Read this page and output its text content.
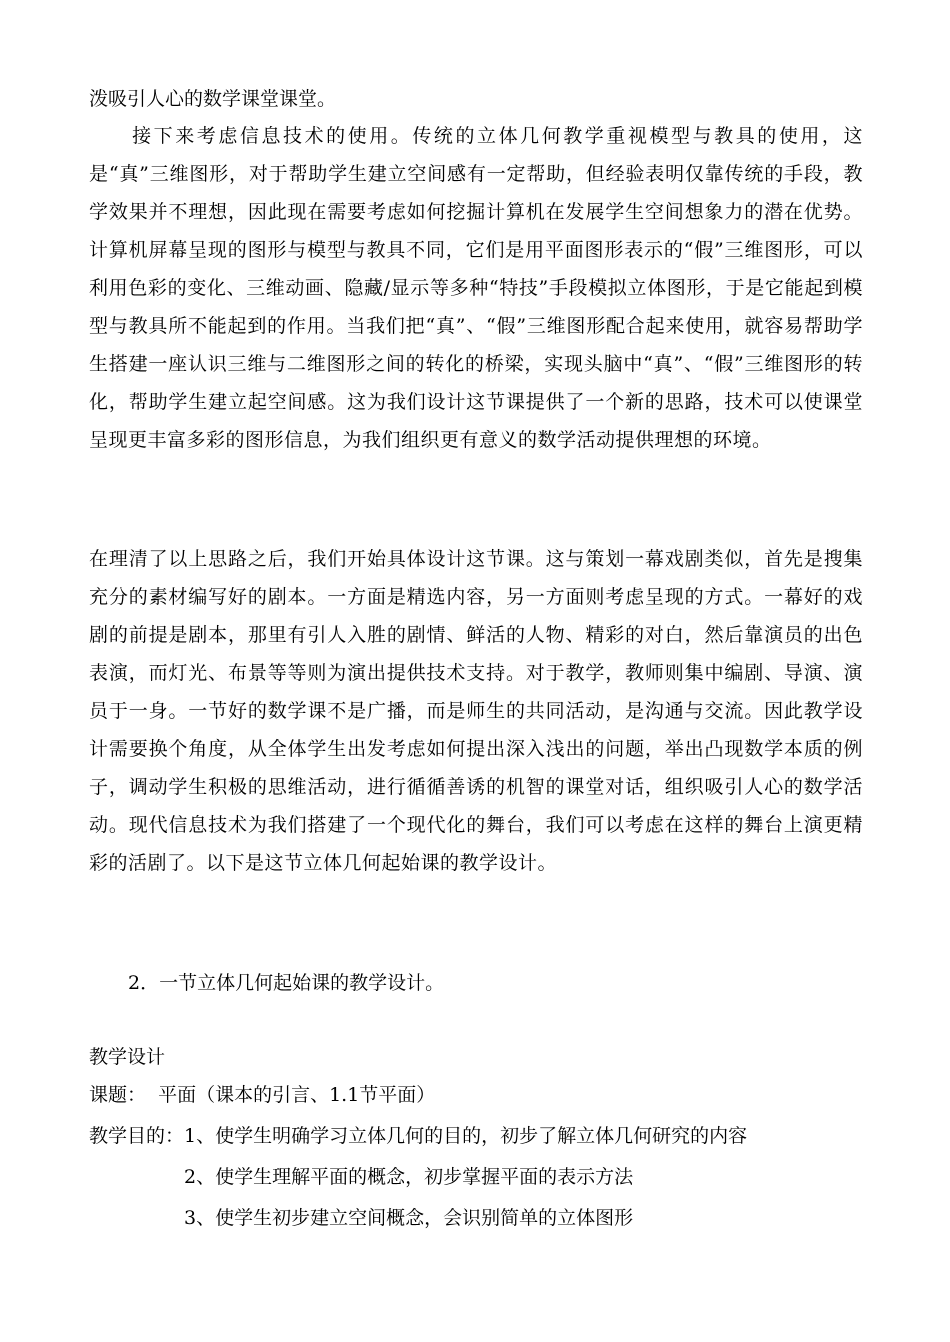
泼吸引人心的数学课堂课堂。

　　接下来考虑信息技术的使用。传统的立体几何教学重视模型与教具的使用，这是“真”三维图形，对于帮助学生建立空间感有一定帮助，但经验表明仅靠传统的手段，教学效果并不理想，因此现在需要考虑如何挖掘计算机在发展学生空间想象力的潜在优势。计算机屏幕呈现的图形与模型与教具不同，它们是用平面图形表示的“假”三维图形，可以利用色彩的变化、三维动画、隐藏/显示等多种“特技”手段模拟立体图形，于是它能起到模型与教具所不能起到的作用。当我们把“真”、“假”三维图形配合起来使用，就容易帮助学生搭建一座认识三维与二维图形之间的转化的桥梁，实现头脑中“真”、“假”三维图形的转化，帮助学生建立起空间感。这为我们设计这节课提供了一个新的思路，技术可以使课堂呈现更丰富多彩的图形信息，为我们组织更有意义的数学活动提供理想的环境。

在理清了以上思路之后，我们开始具体设计这节课。这与策划一幕戏剧类似，首先是搜集充分的素材编写好的剧本。一方面是精选内容，另一方面则考虑呈现的方式。一幕好的戏剧的前提是剧本，那里有引人入胜的剧情、鲜活的人物、精彩的对白，然后靠演员的出色表演，而灯光、布景等等则为演出提供技术支持。对于教学，教师则集中编剧、导演、演员于一身。一节好的数学课不是广播，而是师生的共同活动，是沟通与交流。因此教学设计需要换个角度，从全体学生出发考虑如何提出深入浅出的问题，举出凸现数学本质的例子，调动学生积极的思维活动，进行循循善诱的机智的课堂对话，组织吸引人心的数学活动。现代信息技术为我们搭建了一个现代化的舞台，我们可以考虑在这样的舞台上演更精彩的活剧了。以下是这节立体几何起始课的教学设计。

2．一节立体几何起始课的教学设计。

教学设计

课题：  平面（课本的引言、1.1节平面）

教学目的：1、使学生明确学习立体几何的目的，初步了解立体几何研究的内容

2、使学生理解平面的概念，初步掌握平面的表示方法

3、使学生初步建立空间概念，会识别简单的立体图形
